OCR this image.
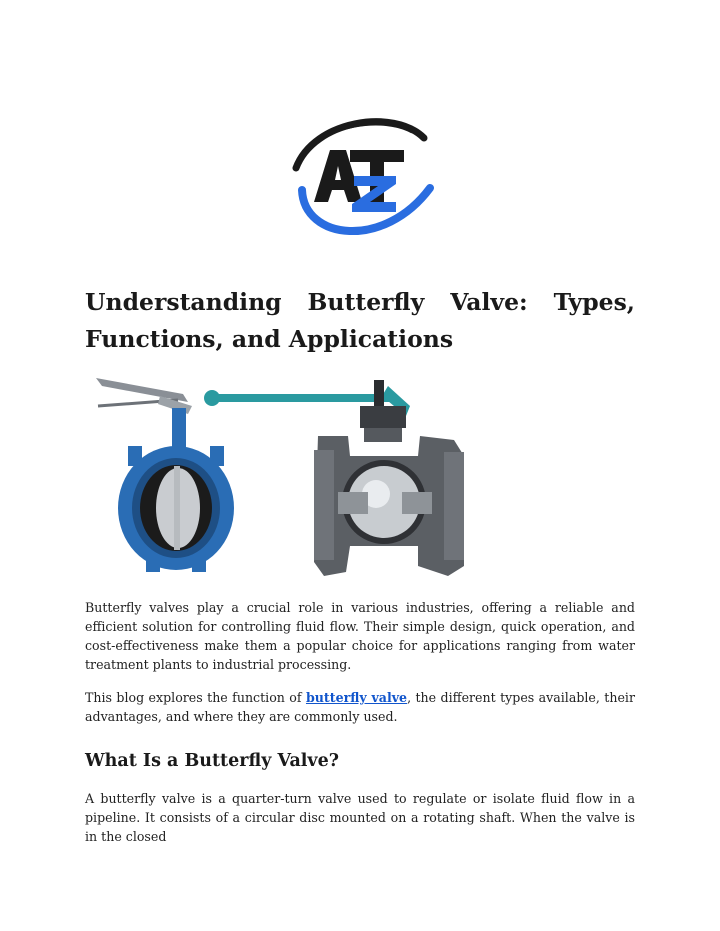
Understanding Butterfly Valve: Types, Functions, and Applications

Butterfly valves play a crucial role in various industries, offering a reliable and efficient solution for controlling fluid flow. Their simple design, quick operation, and cost-effectiveness make them a popular choice for applications ranging from water treatment plants to industrial processing.

This blog explores the function of butterfly valve, the different types available, their advantages, and where they are commonly used.

What Is a Butterfly Valve?

A butterfly valve is a quarter-turn valve used to regulate or isolate fluid flow in a pipeline. It consists of a circular disc mounted on a rotating shaft. When the valve is in the closed
